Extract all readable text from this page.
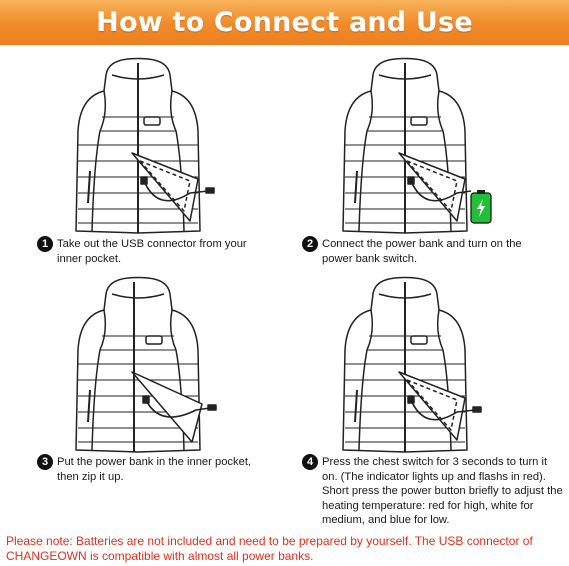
How to Connect and Use
1 Take out the USB connector from your inner pocket.
2 Connect the power bank and turn on the power bank switch.
3 Put the power bank in the inner pocket, then zip it up.
4 Press the chest switch for 3 seconds to turn it on. (The indicator lights up and flashs in red). Short press the power button briefly to adjust the heating temperature: red for high, white for medium, and blue for low.
Please note: Batteries are not included and need to be prepared by yourself. The USB connector of CHANGEOWN is compatible with almost all power banks.
